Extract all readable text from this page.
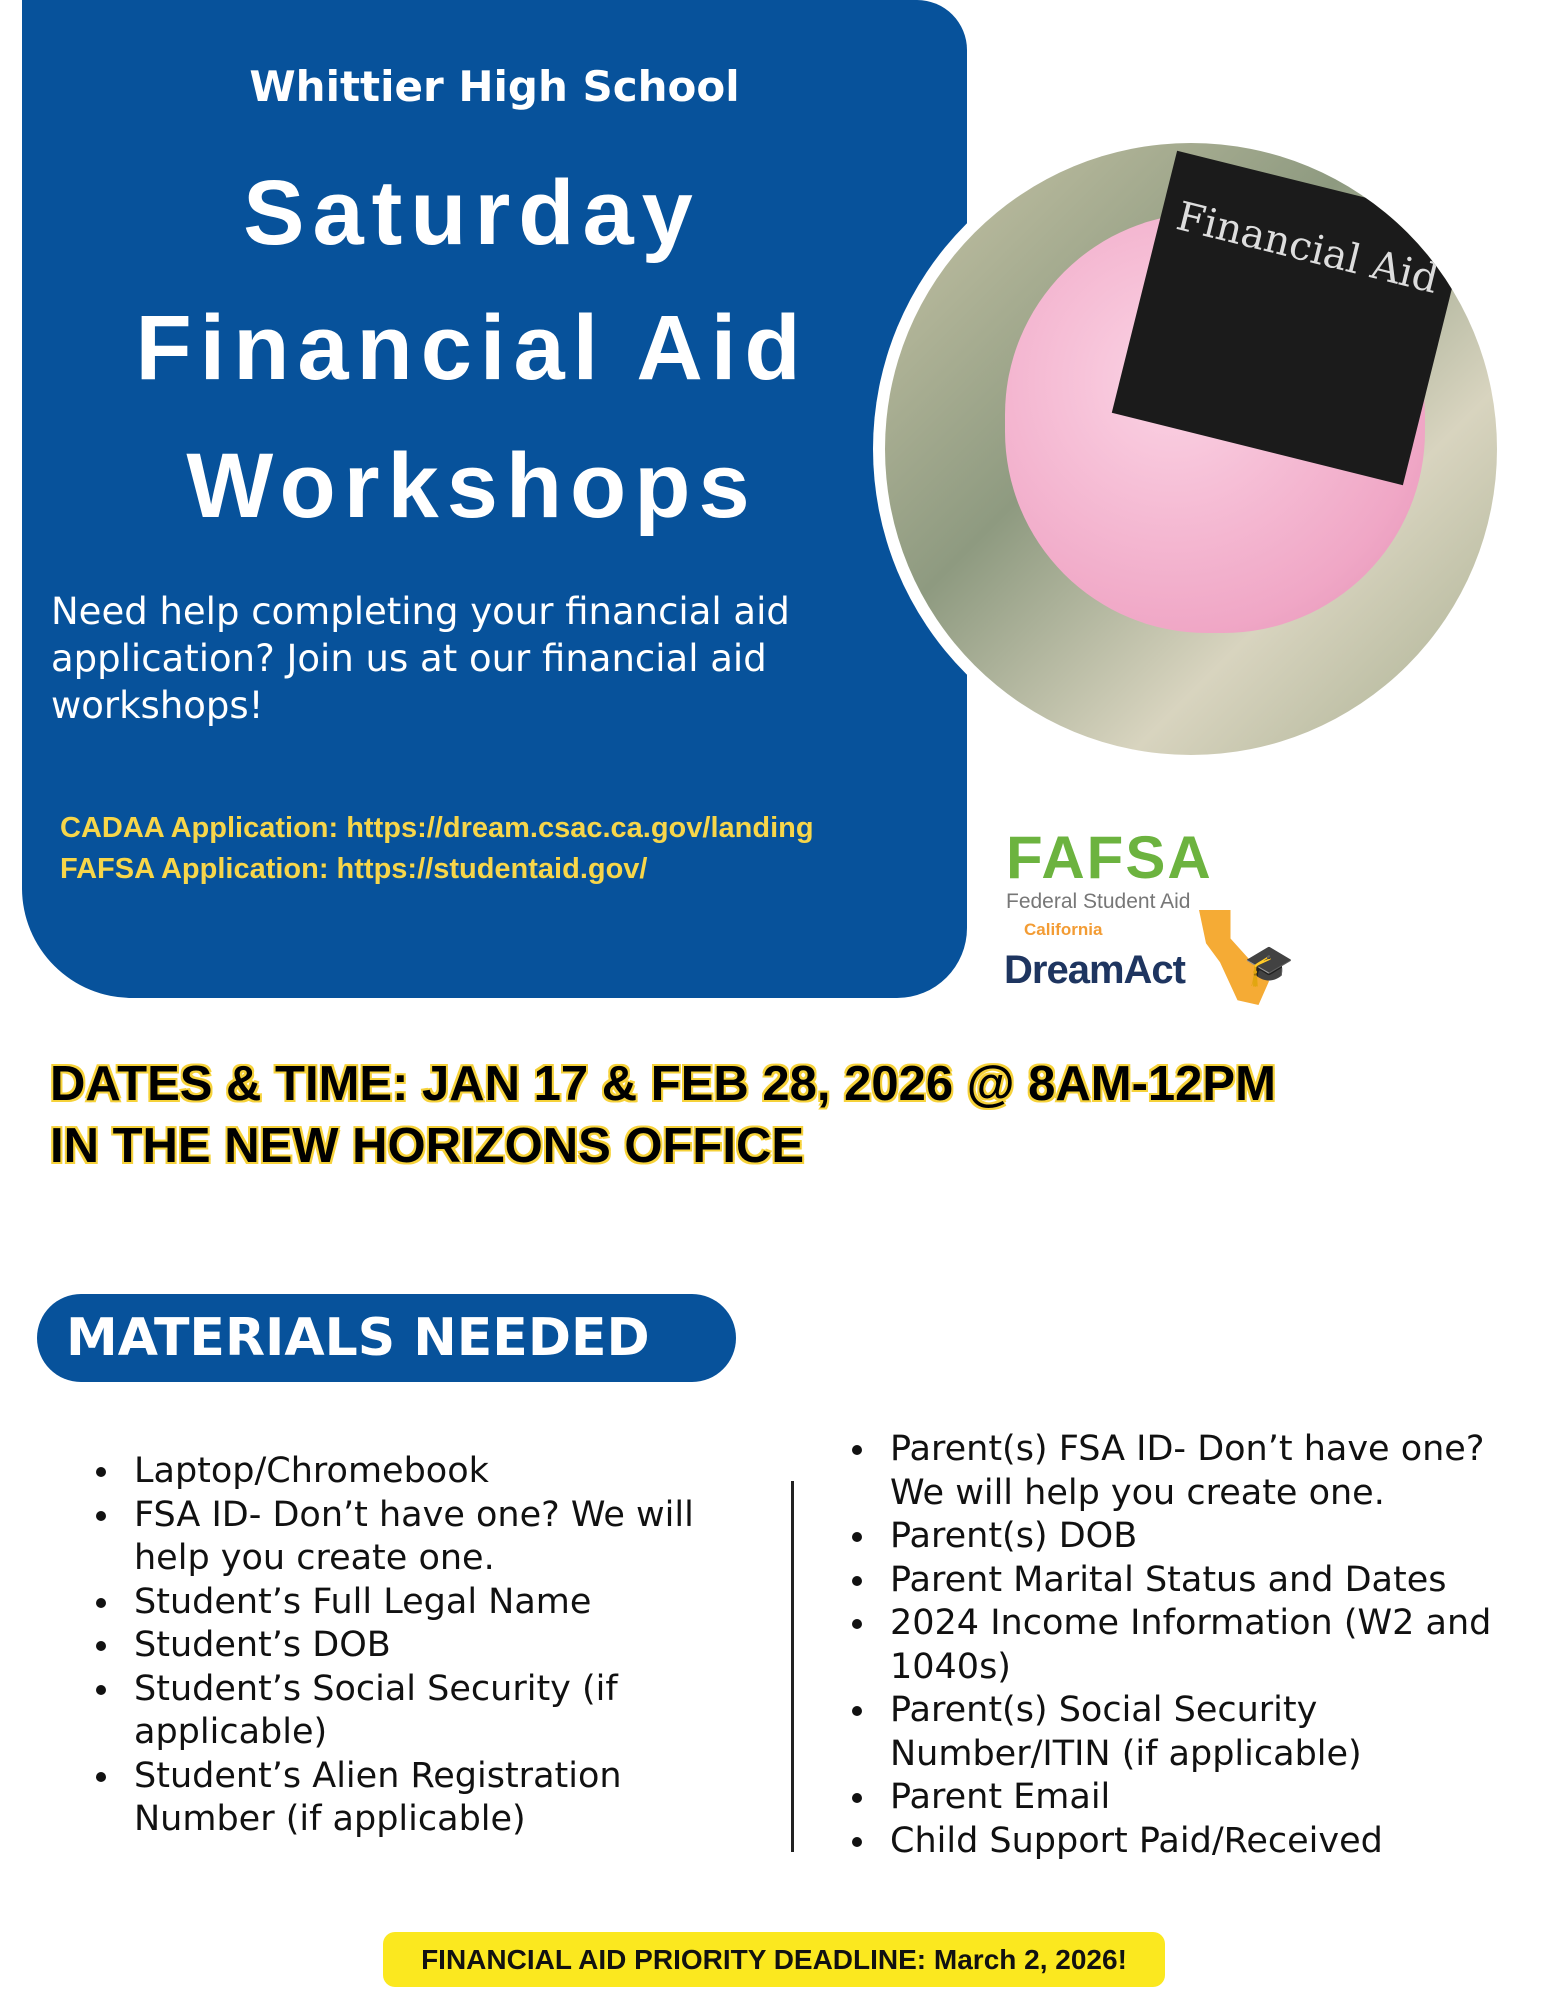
Whittier High School
Saturday
Financial Aid
Workshops
Need help completing your financial aid application? Join us at our financial aid workshops!
CADAA Application: https://dream.csac.ca.gov/landing
FAFSA Application: https://studentaid.gov/
Financial Aid
FAFSA
Federal Student Aid
California
DreamAct 🎓
DATES & TIME: JAN 17 & FEB 28, 2026 @ 8AM-12PM
IN THE NEW HORIZONS OFFICE
MATERIALS NEEDED
Laptop/Chromebook
FSA ID- Don’t have one? We will help you create one.
Student’s Full Legal Name
Student’s DOB
Student’s Social Security (if applicable)
Student’s Alien Registration Number (if applicable)
Parent(s) FSA ID- Don’t have one? We will help you create one.
Parent(s) DOB
Parent Marital Status and Dates
2024 Income Information (W2 and 1040s)
Parent(s) Social Security Number/ITIN (if applicable)
Parent Email
Child Support Paid/Received
FINANCIAL AID PRIORITY DEADLINE: March 2, 2026!
